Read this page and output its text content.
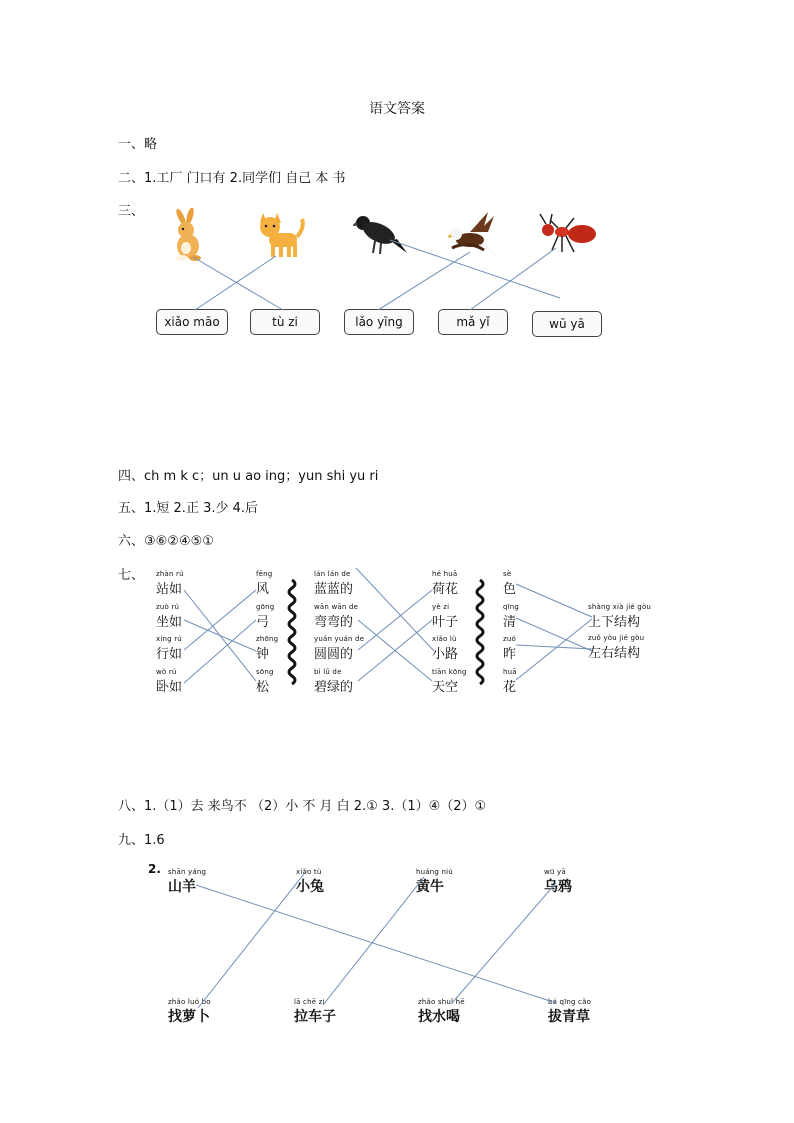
语文答案
一、略
二、1.工厂 门口有 2.同学们 自己 本 书
三、
xiǎo māo	tù zi	lǎo yīng	mǎ yǐ	wū yā
四、ch m k c；un u ao ing；yun shi yu ri
五、1.短 2.正 3.少 4.后
六、③⑥②④⑤①
七、 zhàn rú
站如
zuò rú
坐如
xíng rú
行如
wò rú
卧如
fēng
风
gōng
弓
zhōng
钟
sōng
松
lán lán de
蓝蓝的
wān wān de
弯弯的
yuán yuán de
圆圆的
bì lǜ de
碧绿的
hé huā
荷花
yè zi
叶子
xiǎo lù
小路
tiān kōng
天空
sè
色
qīng
清
zuó
昨
huā
花
shàng xià jié gòu
上下结构
zuǒ yòu jié gòu
左右结构
八、1.（1）去 来鸟不 （2）小 不 月 白 2.① 3.（1）④（2）①
九、1.6
2. shān yáng
山羊
xiǎo tù
小兔
huáng niú
黄牛
wū yā
乌鸦
zhǎo luó bo
找萝卜
lā chē zi
拉车子
zhǎo shuǐ hē
找水喝
bá qīng cǎo
拔青草
